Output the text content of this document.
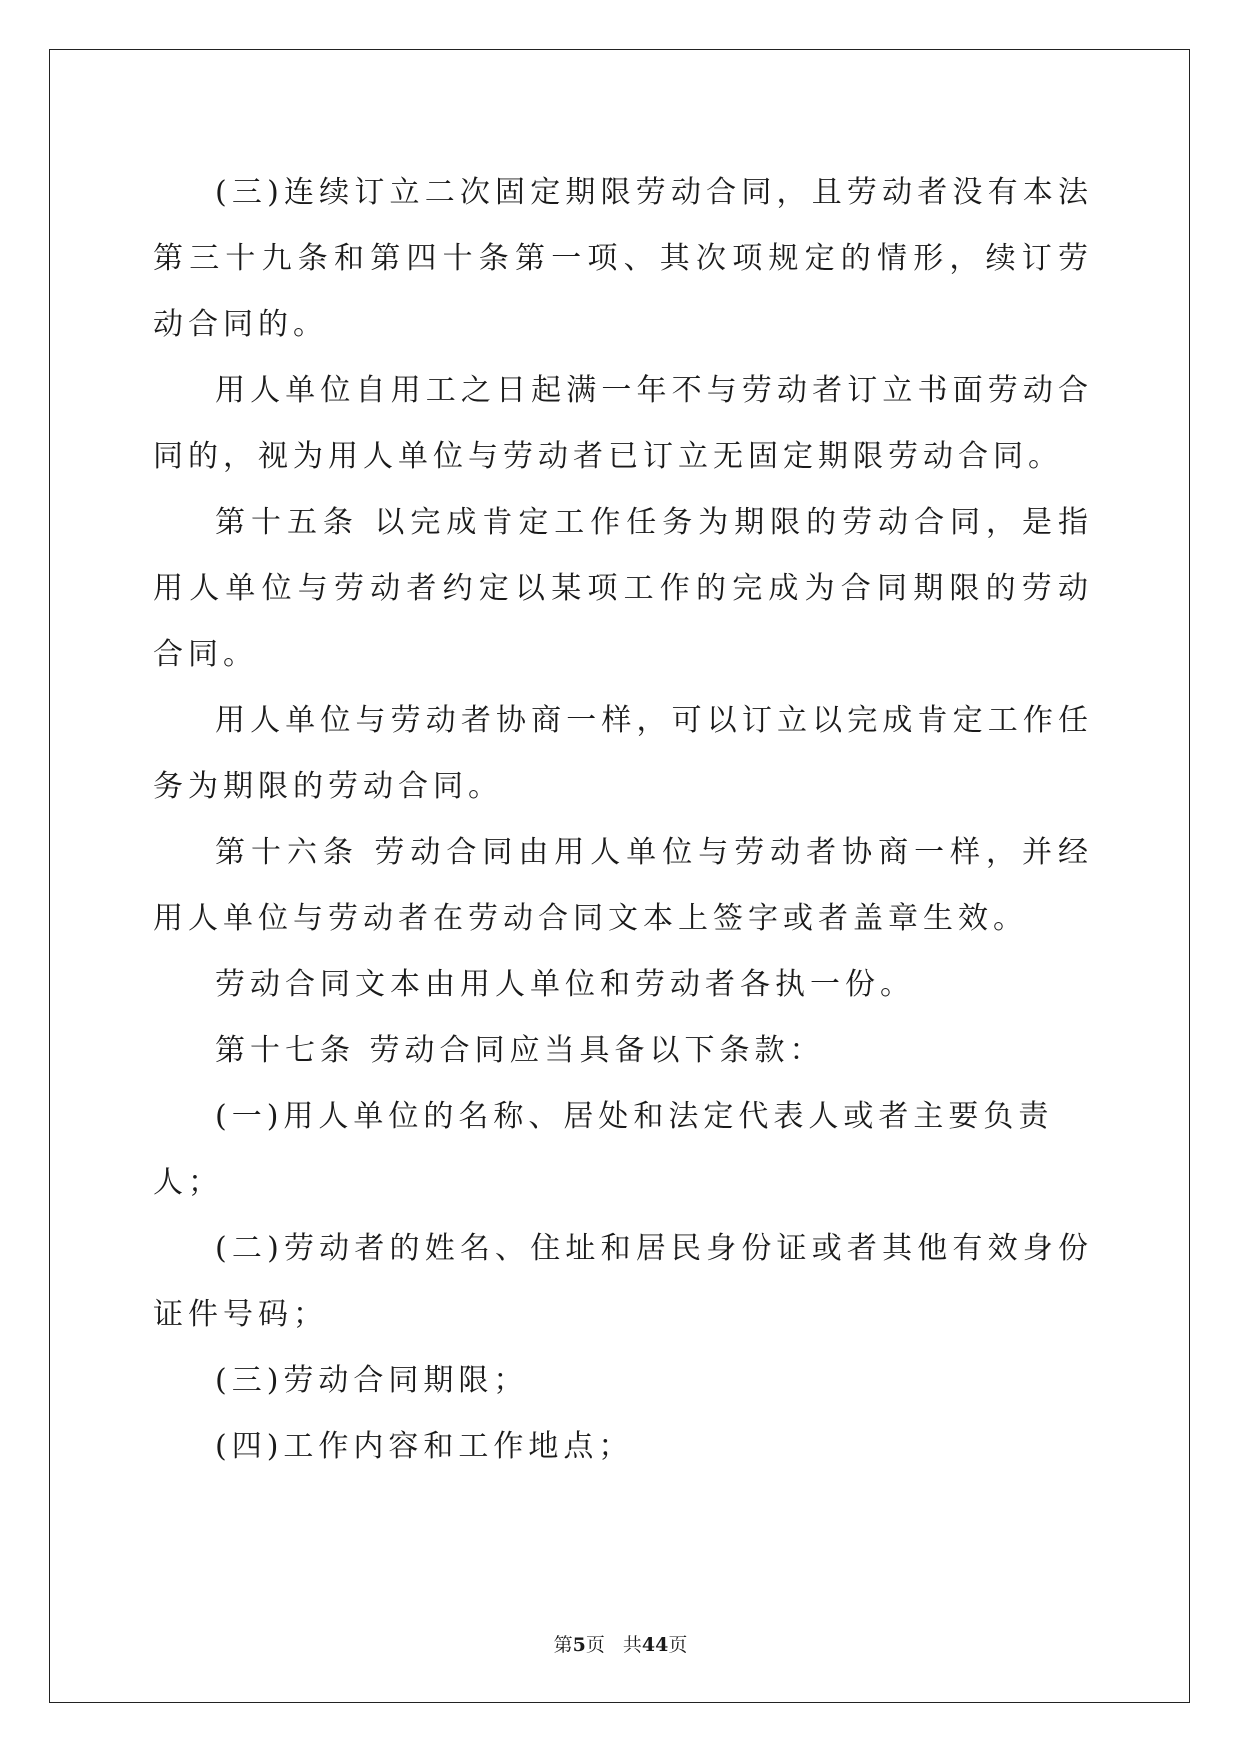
(三)连续订立二次固定期限劳动合同，且劳动者没有本法第三十九条和第四十条第一项、其次项规定的情形，续订劳动合同的。

用人单位自用工之日起满一年不与劳动者订立书面劳动合同的，视为用人单位与劳动者已订立无固定期限劳动合同。

第十五条 以完成肯定工作任务为期限的劳动合同，是指用人单位与劳动者约定以某项工作的完成为合同期限的劳动合同。

用人单位与劳动者协商一样，可以订立以完成肯定工作任务为期限的劳动合同。

第十六条 劳动合同由用人单位与劳动者协商一样，并经用人单位与劳动者在劳动合同文本上签字或者盖章生效。

劳动合同文本由用人单位和劳动者各执一份。

第十七条 劳动合同应当具备以下条款：

(一)用人单位的名称、居处和法定代表人或者主要负责人；

(二)劳动者的姓名、住址和居民身份证或者其他有效身份证件号码；

(三)劳动合同期限；

(四)工作内容和工作地点；

第5页 共44页
